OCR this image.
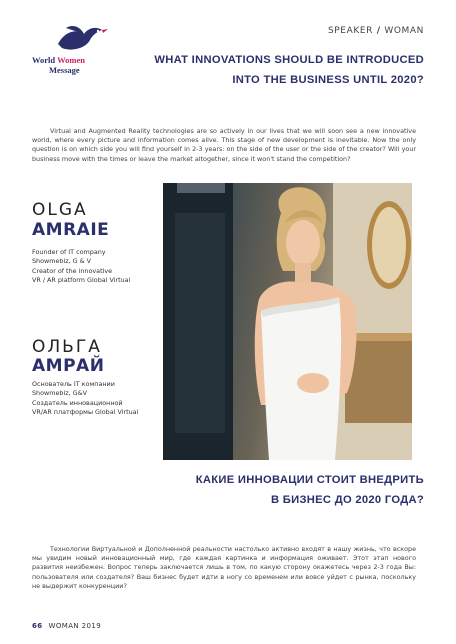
SPEAKER / WOMAN
World Women
Message
WHAT INNOVATIONS SHOULD BE INTRODUCED
INTO THE BUSINESS UNTIL 2020?
Virtual and Augmented Reality technologies are so actively in our lives that we will soon see a new innovative world, where every picture and information comes alive. This stage of new development is inevitable. Now the only question is on which side you will find yourself in 2-3 years: on the side of the user or the side of the creator? Will your business move with the times or leave the market altogether, since it won't stand the competition?
OLGA
AMRAIE
Founder of IT company
Showmebiz, G & V
Creator of the innovative
VR / AR platform Global Virtual
ОЛЬГА
АМРАЙ
Основатель IT компании
Showmebiz, G&V
Создатель инновационной
VR/AR платформы Global Virtual
КАКИЕ ИННОВАЦИИ СТОИТ ВНЕДРИТЬ
В БИЗНЕС ДО 2020 ГОДА?
Технологии Виртуальной и Дополненной реальности настолько активно входят в нашу жизнь, что вскоре мы увидим новый инновационный мир, где каждая картинка и информация оживает. Этот этап нового развития неизбежен. Вопрос теперь заключается лишь в том, по какую сторону окажетесь через 2-3 года Вы: пользователя или создателя? Ваш бизнес будет идти в ногу со временем или вовсе уйдет с рынка, поскольку не выдержит конкуренции?
66 WOMAN 2019
